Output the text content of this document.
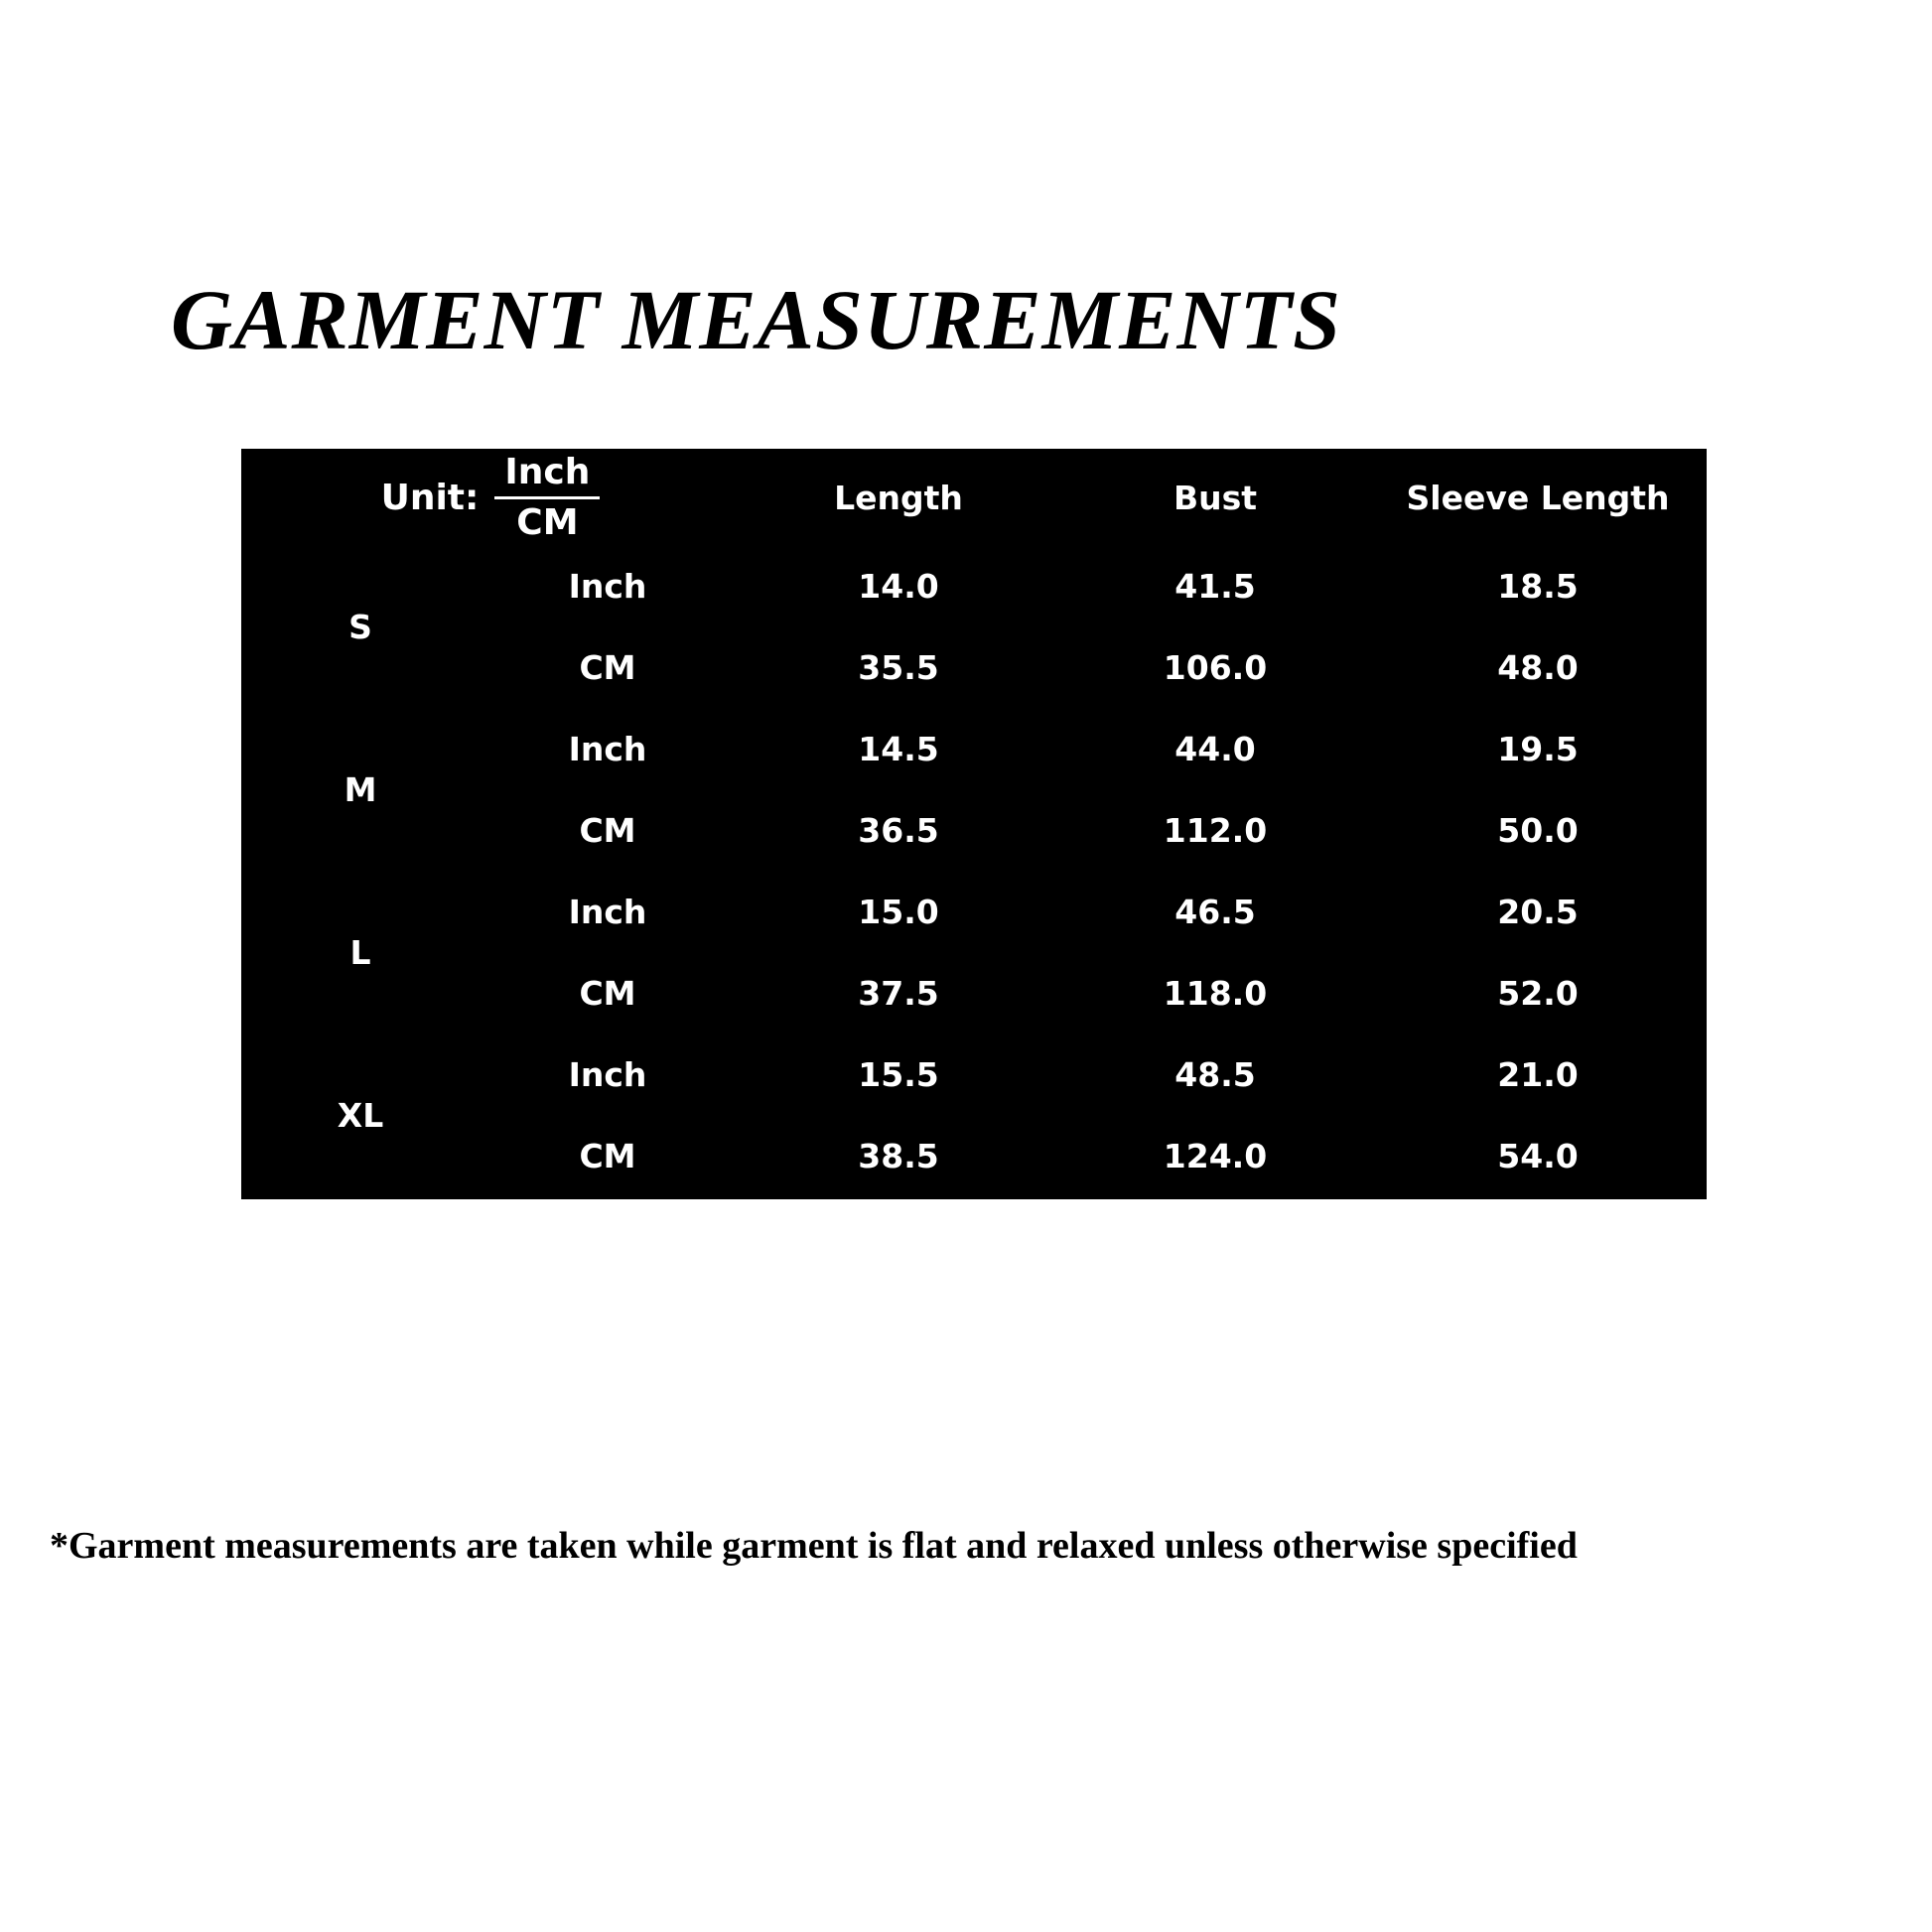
GARMENT MEASUREMENTS
Unit: $\frac{\text{Inch}}{CM}$		Length	Bust	Sleeve Length
S	Inch	14.0	41.5	18.5
	CM	35.5	106.0	48.0
M	Inch	14.5	44.0	19.5
	CM	36.5	112.0	50.0
L	Inch	15.0	46.5	20.5
	CM	37.5	118.0	52.0
XL	Inch	15.5	48.5	21.0
	CM	38.5	124.0	54.0
*Garment measurements are taken while garment is flat and relaxed unless otherwise specified
